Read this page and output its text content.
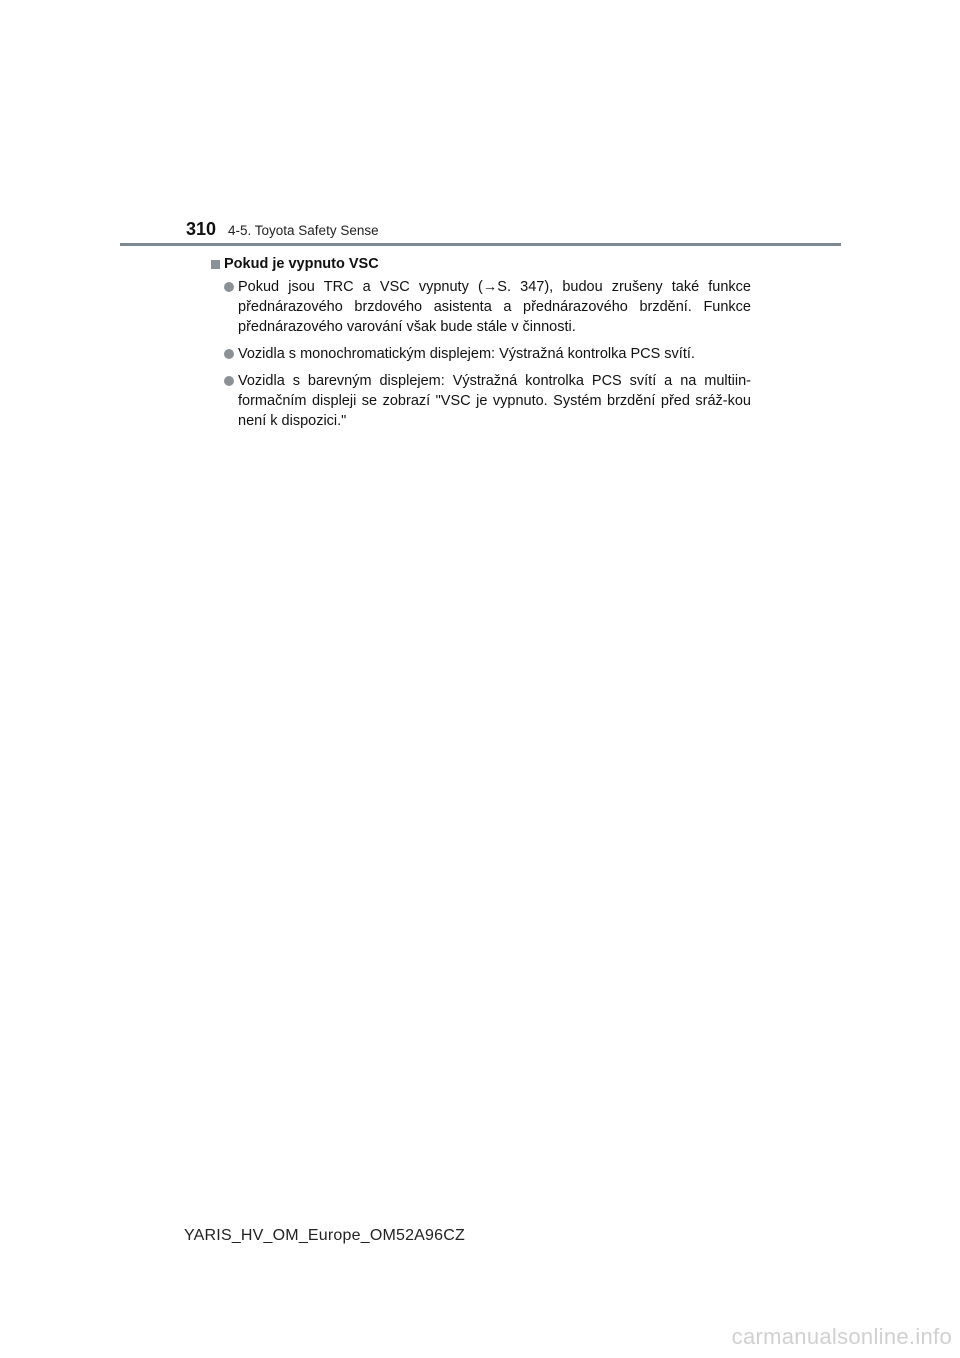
310 4-5. Toyota Safety Sense
Pokud je vypnuto VSC
Pokud jsou TRC a VSC vypnuty (→S. 347), budou zrušeny také funkce přednárazového brzdového asistenta a přednárazového brzdění. Funkce přednárazového varování však bude stále v činnosti.
Vozidla s monochromatickým displejem: Výstražná kontrolka PCS svítí.
Vozidla s barevným displejem: Výstražná kontrolka PCS svítí a na multiin-formačním displeji se zobrazí "VSC je vypnuto. Systém brzdění před sráž-kou není k dispozici."
YARIS_HV_OM_Europe_OM52A96CZ
carmanualsonline.info
